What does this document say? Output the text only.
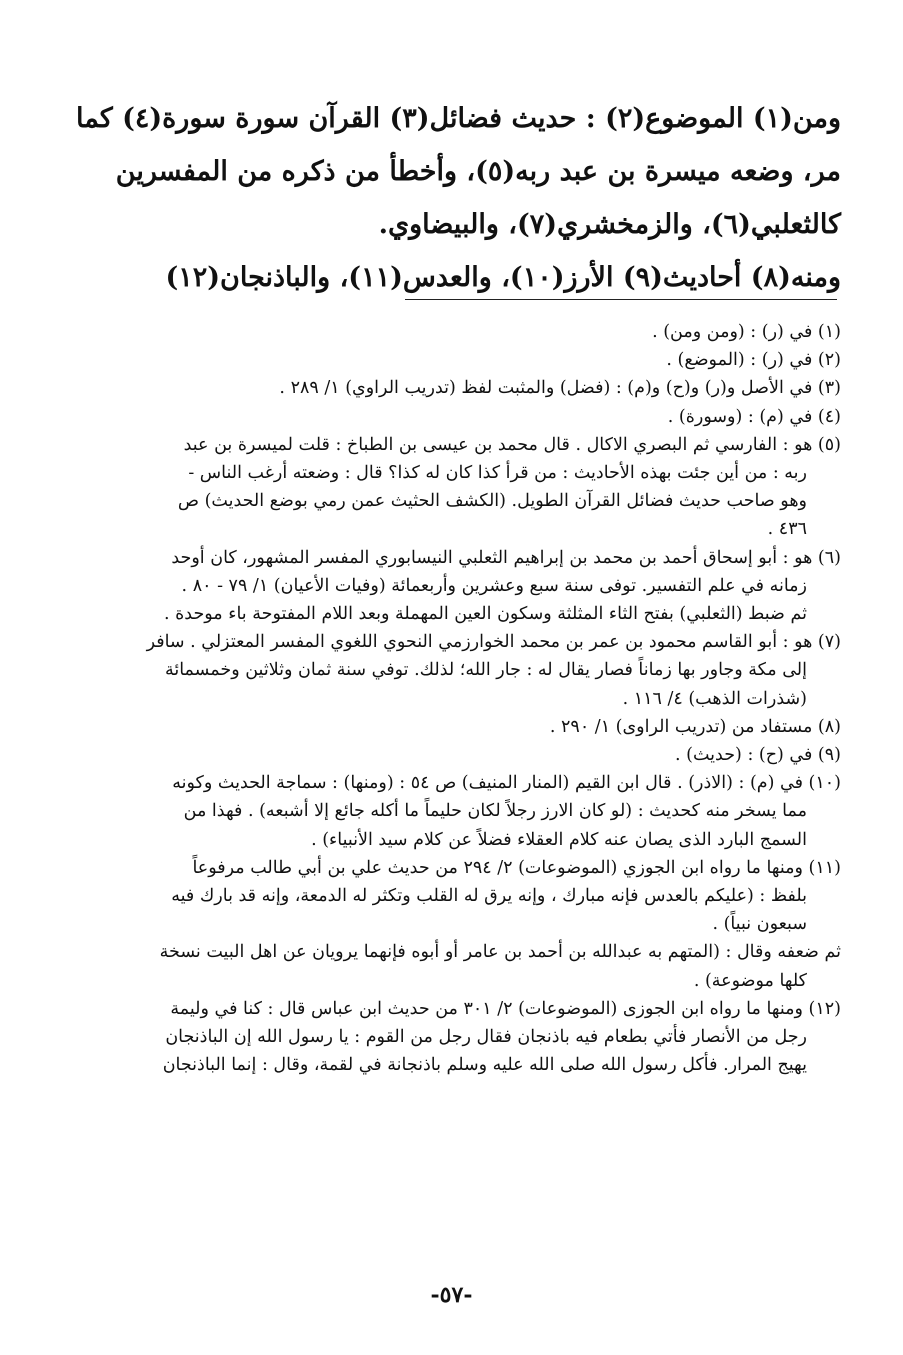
ومن(١) الموضوع(٢) : حديث فضائل(٣) القرآن سورة سورة(٤) كما
مر، وضعه ميسرة بن عبد ربه(٥)، وأخطأ من ذكره من المفسرين
كالثعلبي(٦)، والزمخشري(٧)، والبيضاوي.
ومنه(٨) أحاديث(٩) الأرز(١٠)، والعدس(١١)، والباذنجان(١٢)
(١) في (ر) : (ومن ومن) .
(٢) في (ر) : (الموضع) .
(٣) في الأصل و(ر) و(ح) و(م) : (فضل) والمثبت لفظ (تدريب الراوي) ١/ ٢٨٩ .
(٤) في (م) : (وسورة) .
(٥) هو : الفارسي ثم البصري الاكال . قال محمد بن عيسى بن الطباخ : قلت لميسرة بن عبد
ربه : من أين جئت بهذه الأحاديث : من قرأ كذا كان له كذا؟ قال : وضعته أرغب الناس -
وهو صاحب حديث فضائل القرآن الطويل. (الكشف الحثيث عمن رمي بوضع الحديث) ص
٤٣٦ .
(٦) هو : أبو إسحاق أحمد بن محمد بن إبراهيم الثعلبي النيسابوري المفسر المشهور، كان أوحد
زمانه في علم التفسير. توفى سنة سبع وعشرين وأربعمائة (وفيات الأعيان) ١/ ٧٩ - ٨٠ .
ثم ضبط (الثعلبي) بفتح الثاء المثلثة وسكون العين المهملة وبعد اللام المفتوحة باء موحدة .
(٧) هو : أبو القاسم محمود بن عمر بن محمد الخوارزمي النحوي اللغوي المفسر المعتزلي . سافر
إلى مكة وجاور بها زماناً فصار يقال له : جار الله؛ لذلك. توفي سنة ثمان وثلاثين وخمسمائة
(شذرات الذهب) ٤/ ١١٦ .
(٨) مستفاد من (تدريب الراوى) ١/ ٢٩٠ .
(٩) في (ح) : (حديث) .
(١٠) في (م) : (الاذر) . قال ابن القيم (المنار المنيف) ص ٥٤ : (ومنها) : سماجة الحديث وكونه
مما يسخر منه كحديث : (لو كان الارز رجلاً لكان حليماً ما أكله جائع إلا أشبعه) . فهذا من
السمج البارد الذى يصان عنه كلام العقلاء فضلاً عن كلام سيد الأنبياء) .
(١١) ومنها ما رواه ابن الجوزي (الموضوعات) ٢/ ٢٩٤ من حديث علي بن أبي طالب مرفوعاً
بلفظ : (عليكم بالعدس فإنه مبارك ، وإنه يرق له القلب وتكثر له الدمعة، وإنه قد بارك فيه
سبعون نبياً) .
ثم ضعفه وقال : (المتهم به عبدالله بن أحمد بن عامر أو أبوه فإنهما يرويان عن اهل البيت نسخة
كلها موضوعة) .
(١٢) ومنها ما رواه ابن الجوزى (الموضوعات) ٢/ ٣٠١ من حديث ابن عباس قال : كنا في وليمة
رجل من الأنصار فأتي بطعام فيه باذنجان فقال رجل من القوم : يا رسول الله إن الباذنجان
يهيج المرار. فأكل رسول الله صلى الله عليه وسلم باذنجانة في لقمة، وقال : إنما الباذنجان
-٥٧-
